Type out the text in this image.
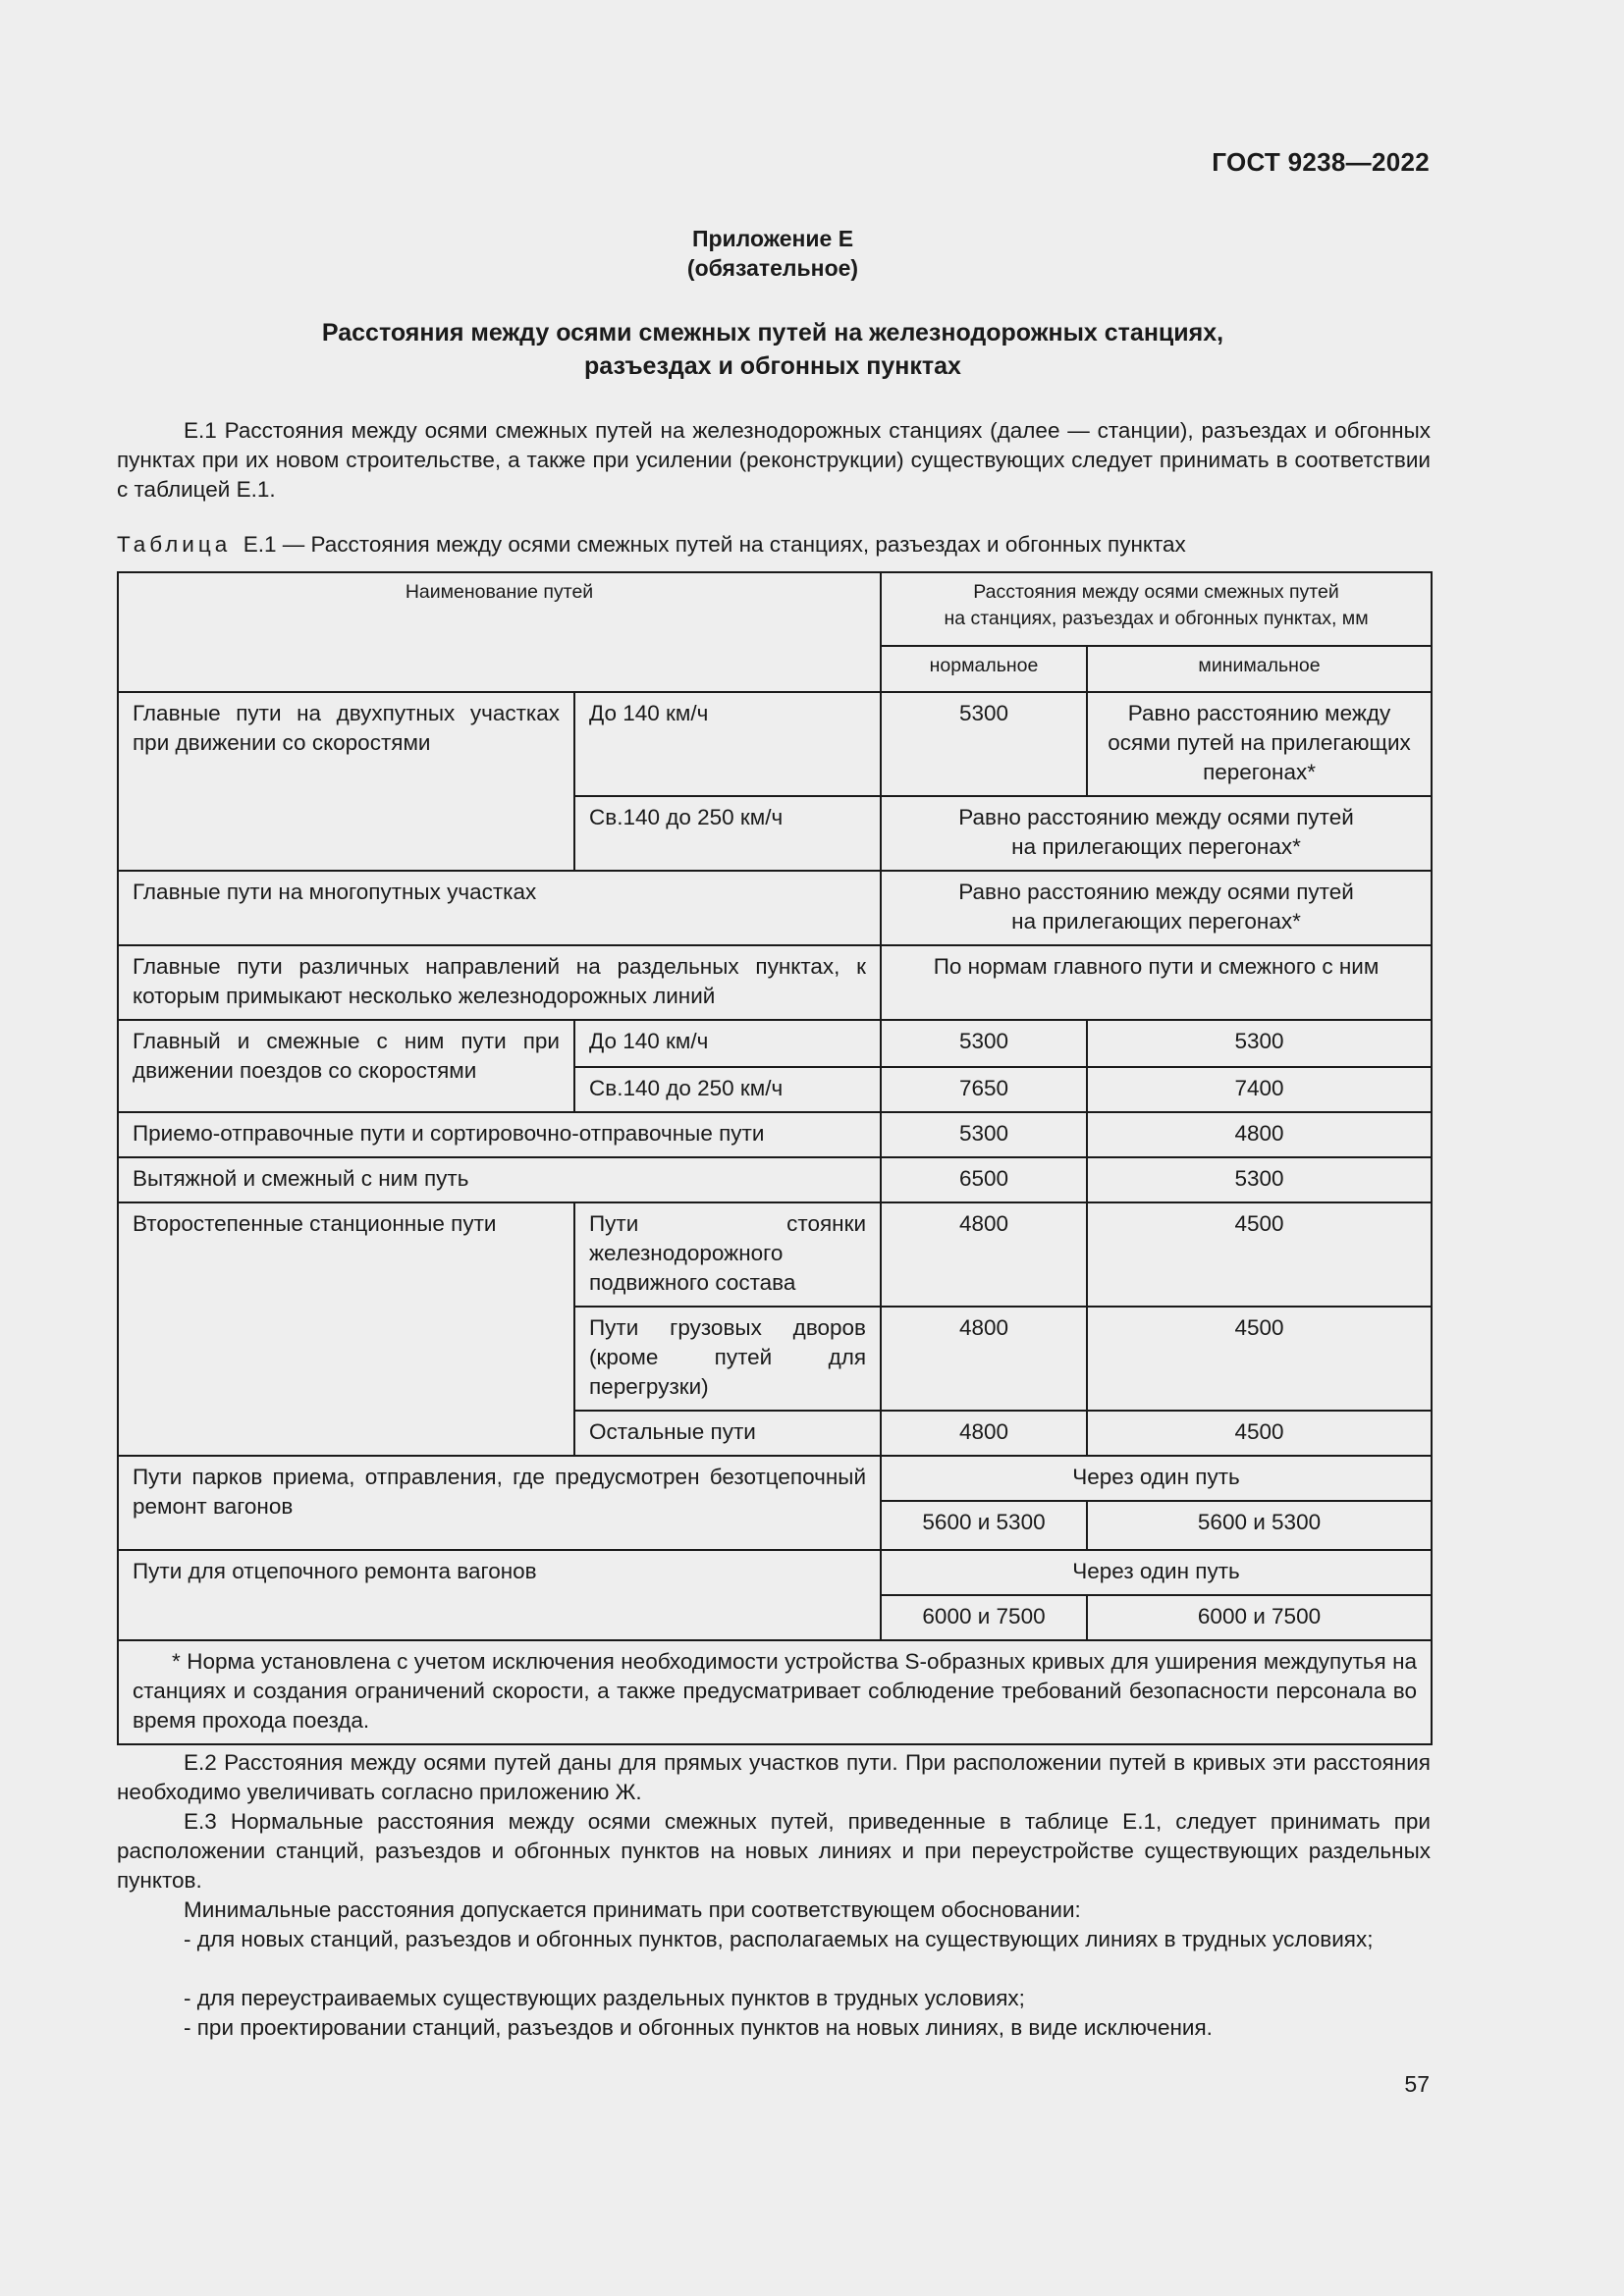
ГОСТ 9238—2022
Приложение Е
(обязательное)
Расстояния между осями смежных путей на железнодорожных станциях,
разъездах и обгонных пунктах
Е.1 Расстояния между осями смежных путей на железнодорожных станциях (далее — станции), разъездах и обгонных пунктах при их новом строительстве, а также при усилении (реконструкции) существующих следует принимать в соответствии с таблицей Е.1.
Таблица Е.1 — Расстояния между осями смежных путей на станциях, разъездах и обгонных пунктах
Наименование путей		Расстояния между осями смежных путей
на станциях, разъездах и обгонных пунктах, мм	

		нормальное	минимальное
Главные пути на двухпутных участках при движении со скоростями	До 140 км/ч	5300	Равно расстоянию между осями путей на прилегающих перегонах*
	Св.140 до 250 км/ч	Равно расстоянию между осями путей
на прилегающих перегонах*	

Главные пути на многопутных участках		Равно расстоянию между осями путей
на прилегающих перегонах*	

Главные пути различных направлений на раздельных пунктах, к которым примыкают несколько железнодорожных линий		По нормам главного пути и смежного с ним	
Главный и смежные с ним пути при движении поездов со скоростями	До 140 км/ч	5300	5300
	Св.140 до 250 км/ч	7650	7400
Приемо-отправочные пути и сортировочно-отправочные пути		5300	4800
Вытяжной и смежный с ним путь		6500	5300
Второстепенные станционные пути	Пути стоянки железнодорожного подвижного состава	4800	4500
	Пути грузовых дворов (кроме путей для перегрузки)	4800	4500
	Остальные пути	4800	4500
Пути парков приема, отправления, где предусмотрен безотцепочный ремонт вагонов		Через один путь	
		5600 и 5300	5600 и 5300
Пути для отцепочного ремонта вагонов		Через один путь	
		6000 и 7500	6000 и 7500
* Норма установлена с учетом исключения необходимости устройства S-образных кривых для уширения междупутья на станциях и создания ограничений скорости, а также предусматривает соблюдение требований безопасности персонала во время прохода поезда.			
Е.2 Расстояния между осями путей даны для прямых участков пути. При расположении путей в кривых эти расстояния необходимо увеличивать согласно приложению Ж.
Е.3 Нормальные расстояния между осями смежных путей, приведенные в таблице Е.1, следует принимать при расположении станций, разъездов и обгонных пунктов на новых линиях и при переустройстве существующих раздельных пунктов.
Минимальные расстояния допускается принимать при соответствующем обосновании:
- для новых станций, разъездов и обгонных пунктов, располагаемых на существующих линиях в трудных условиях;
- для переустраиваемых существующих раздельных пунктов в трудных условиях;
- при проектировании станций, разъездов и обгонных пунктов на новых линиях, в виде исключения.
57
